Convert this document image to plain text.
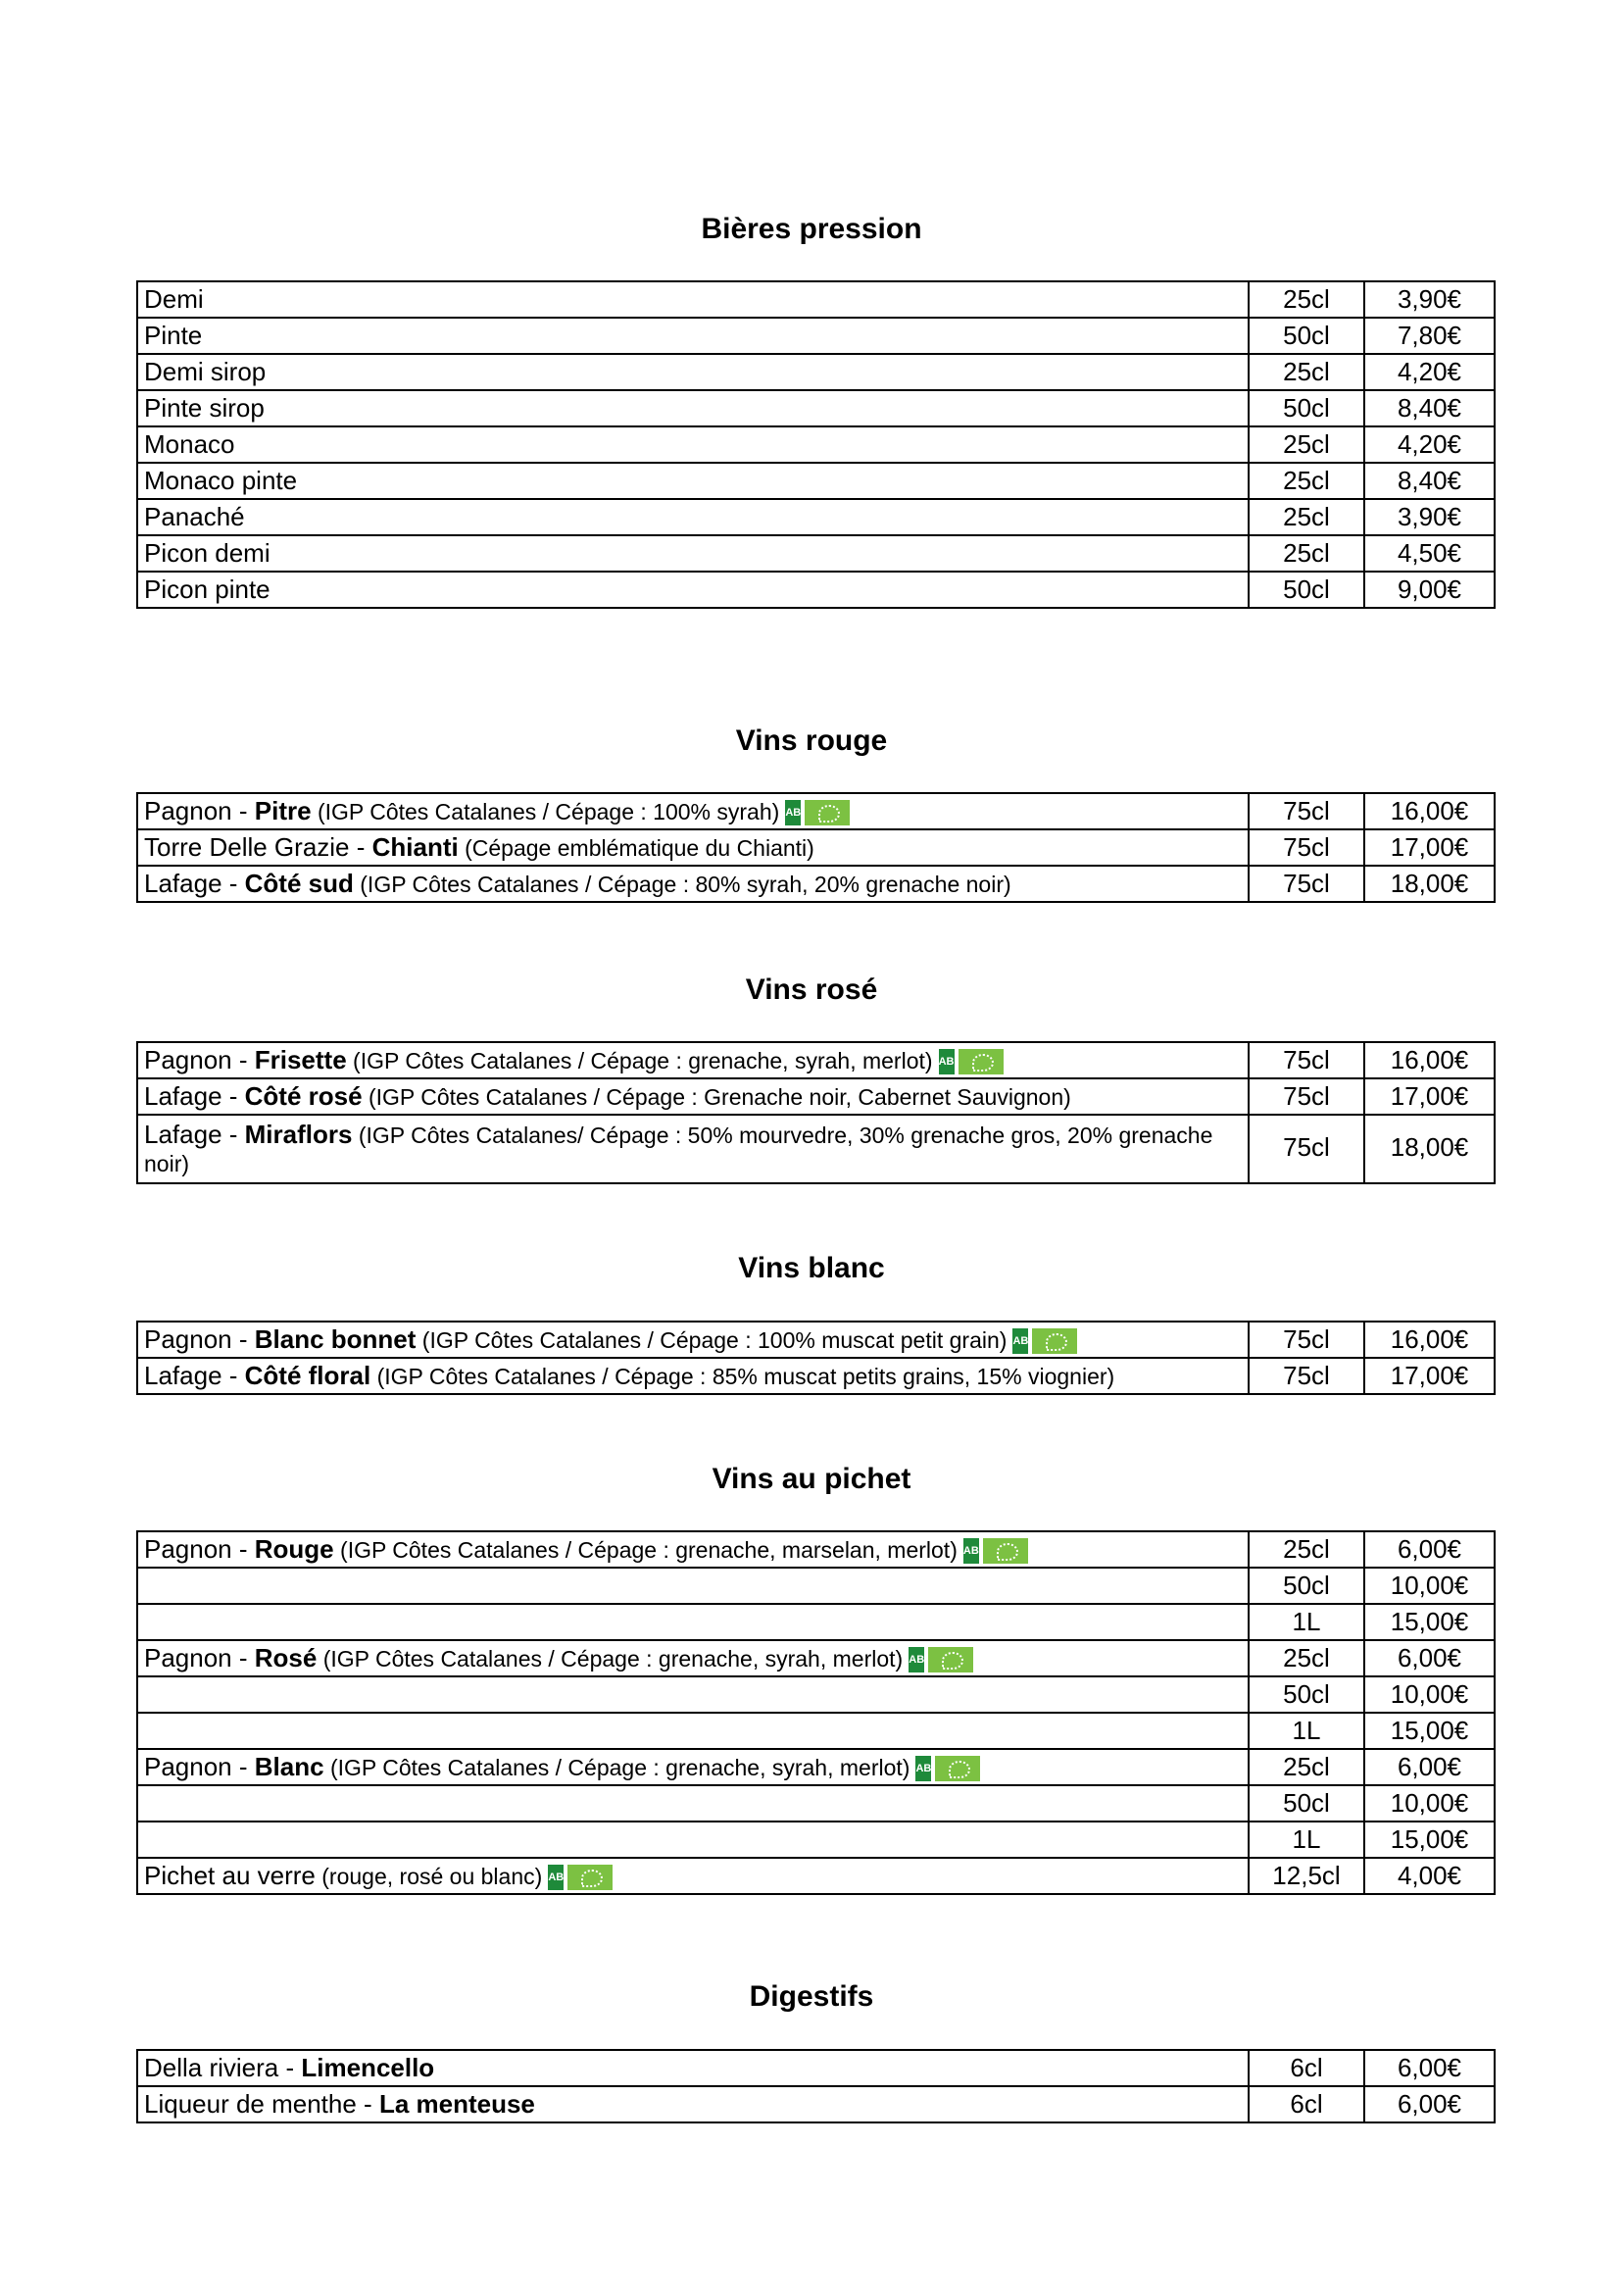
Bières pression
Demi	25cl	3,90€
Pinte	50cl	7,80€
Demi sirop	25cl	4,20€
Pinte sirop	50cl	8,40€
Monaco	25cl	4,20€
Monaco pinte	25cl	8,40€
Panaché	25cl	3,90€
Picon demi	25cl	4,50€
Picon pinte	50cl	9,00€
Vins rouge
Pagnon - Pitre (IGP Côtes Catalanes / Cépage : 100% syrah) AB	75cl	16,00€
Torre Delle Grazie - Chianti (Cépage emblématique du Chianti)	75cl	17,00€
Lafage - Côté sud (IGP Côtes Catalanes / Cépage : 80% syrah, 20% grenache noir)	75cl	18,00€
Vins rosé
Pagnon - Frisette (IGP Côtes Catalanes / Cépage : grenache, syrah, merlot) AB	75cl	16,00€
Lafage - Côté rosé (IGP Côtes Catalanes / Cépage : Grenache noir, Cabernet Sauvignon)	75cl	17,00€
Lafage - Miraflors (IGP Côtes Catalanes/ Cépage : 50% mourvedre, 30% grenache gros, 20% grenache noir)	75cl	18,00€
Vins blanc
Pagnon - Blanc bonnet (IGP Côtes Catalanes / Cépage : 100% muscat petit grain) AB	75cl	16,00€
Lafage - Côté floral (IGP Côtes Catalanes / Cépage : 85% muscat petits grains, 15% viognier)	75cl	17,00€
Vins au pichet
Pagnon - Rouge (IGP Côtes Catalanes / Cépage : grenache, marselan, merlot) AB	25cl	6,00€
	50cl	10,00€
	1L	15,00€
Pagnon - Rosé (IGP Côtes Catalanes / Cépage : grenache, syrah, merlot) AB	25cl	6,00€
	50cl	10,00€
	1L	15,00€
Pagnon - Blanc (IGP Côtes Catalanes / Cépage : grenache, syrah, merlot) AB	25cl	6,00€
	50cl	10,00€
	1L	15,00€
Pichet au verre (rouge, rosé ou blanc) AB	12,5cl	4,00€
Digestifs
Della riviera - Limencello	6cl	6,00€
Liqueur de menthe - La menteuse	6cl	6,00€
